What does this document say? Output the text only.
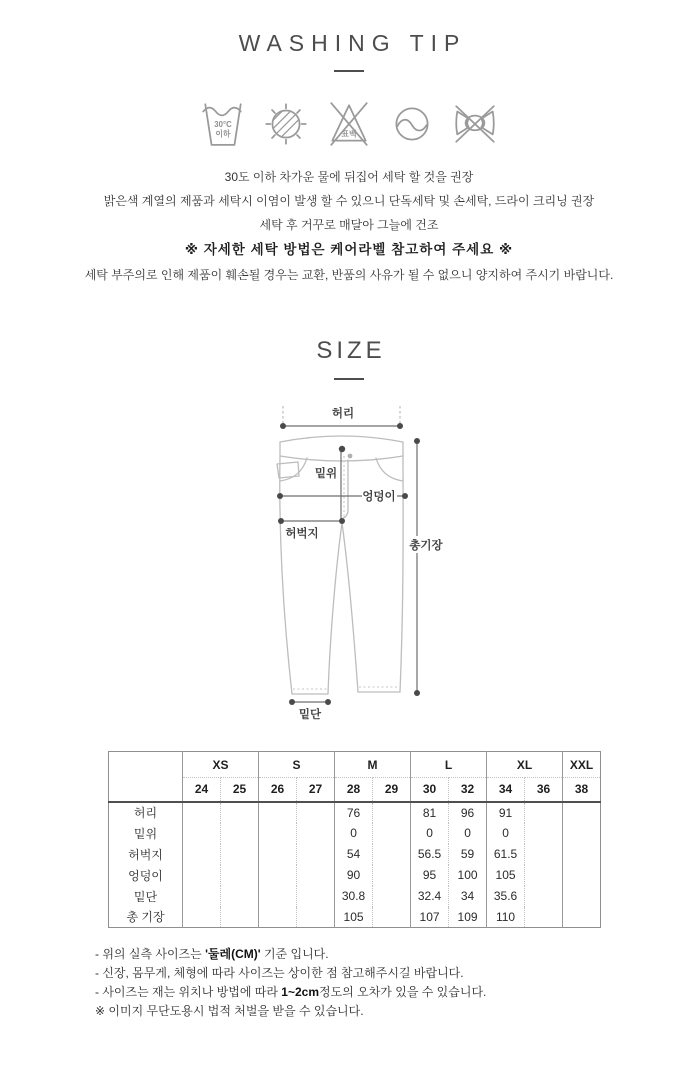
WASHING TIP
30°C
이하	표백
30도 이하 차가운 물에 뒤집어 세탁 할 것을 권장
밝은색 계열의 제품과 세탁시 이염이 발생 할 수 있으니 단독세탁 및 손세탁, 드라이 크리닝 권장
세탁 후 거꾸로 매달아 그늘에 건조
※ 자세한 세탁 방법은 케어라벨 참고하여 주세요 ※
세탁 부주의로 인해 제품이 훼손될 경우는 교환, 반품의 사유가 될 수 없으니 양지하여 주시기 바랍니다.
SIZE
허리
밑위
엉덩이
허벅지
총기장
밑단
	XS		S		M		L		XL		XXL
	24	25	26	27	28	29	30	32	34	36	38
허리					76		81	96	91		
밑위					0		0	0	0		
허벅지					54		56.5	59	61.5		
엉덩이					90		95	100	105		
밑단					30.8		32.4	34	35.6		
총 기장					105		107	109	110		
- 위의 실측 사이즈는 '둘레(CM)' 기준 입니다.
- 신장, 몸무게, 체형에 따라 사이즈는 상이한 점 참고해주시길 바랍니다.
- 사이즈는 재는 위치나 방법에 따라 1~2cm정도의 오차가 있을 수 있습니다.
※ 이미지 무단도용시 법적 처벌을 받을 수 있습니다.
